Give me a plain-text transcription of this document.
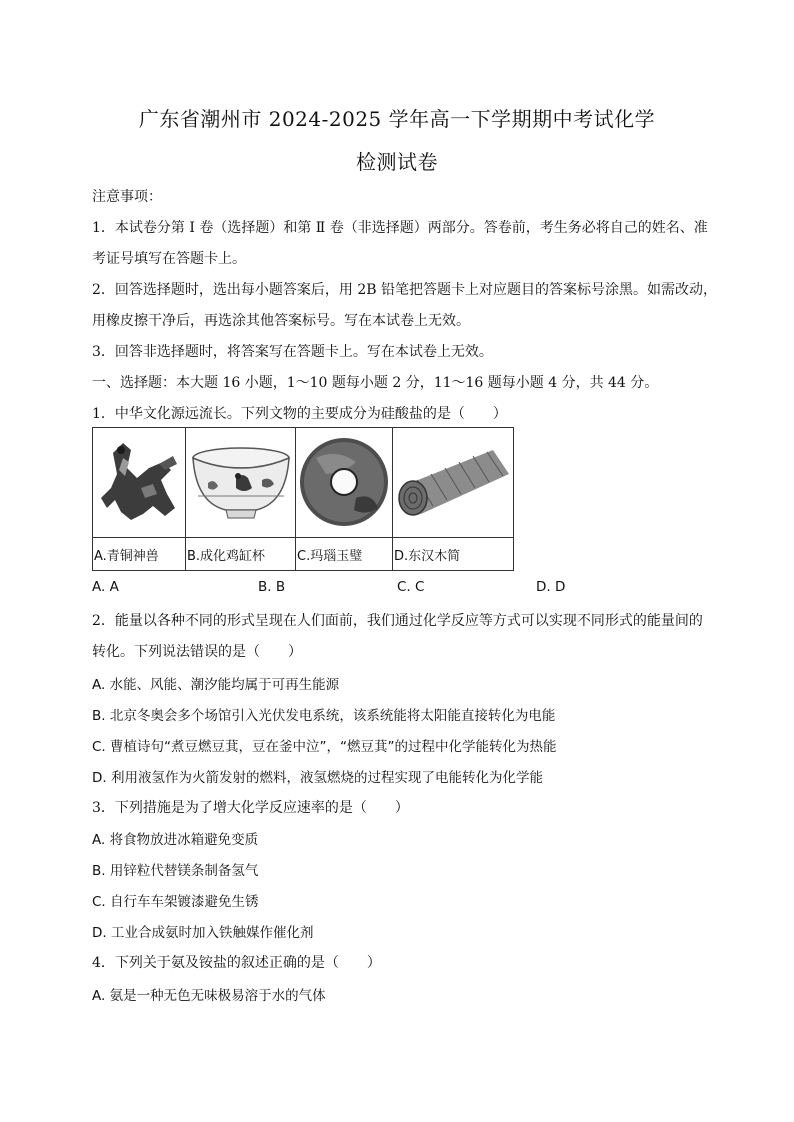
广东省潮州市 2024-2025 学年高一下学期期中考试化学
检测试卷
注意事项：
1．本试卷分第 Ⅰ 卷（选择题）和第 Ⅱ 卷（非选择题）两部分。答卷前，考生务必将自己的姓名、准
考证号填写在答题卡上。
2．回答选择题时，选出每小题答案后，用 2B 铅笔把答题卡上对应题目的答案标号涂黑。如需改动，
用橡皮擦干净后，再选涂其他答案标号。写在本试卷上无效。
3．回答非选择题时，将答案写在答题卡上。写在本试卷上无效。
一、选择题：本大题 16 小题，1～10 题每小题 2 分，11～16 题每小题 4 分，共 44 分。
1．中华文化源远流长。下列文物的主要成分为硅酸盐的是（　　）

A.青铜神兽	B.成化鸡缸杯	C.玛瑙玉璧	D.东汉木简
A. A	B. B	C. C	D. D
2．能量以各种不同的形式呈现在人们面前，我们通过化学反应等方式可以实现不同形式的能量间的
转化。下列说法错误的是（　　）
A. 水能、风能、潮汐能均属于可再生能源
B. 北京冬奥会多个场馆引入光伏发电系统，该系统能将太阳能直接转化为电能
C. 曹植诗句“煮豆燃豆萁，豆在釜中泣”，“燃豆萁”的过程中化学能转化为热能
D. 利用液氢作为火箭发射的燃料，液氢燃烧的过程实现了电能转化为化学能
3．下列措施是为了增大化学反应速率的是（　　）
A. 将食物放进冰箱避免变质
B. 用锌粒代替镁条制备氢气
C. 自行车车架镀漆避免生锈
D. 工业合成氨时加入铁触媒作催化剂
4．下列关于氨及铵盐的叙述正确的是（　　）
A. 氨是一种无色无味极易溶于水的气体
